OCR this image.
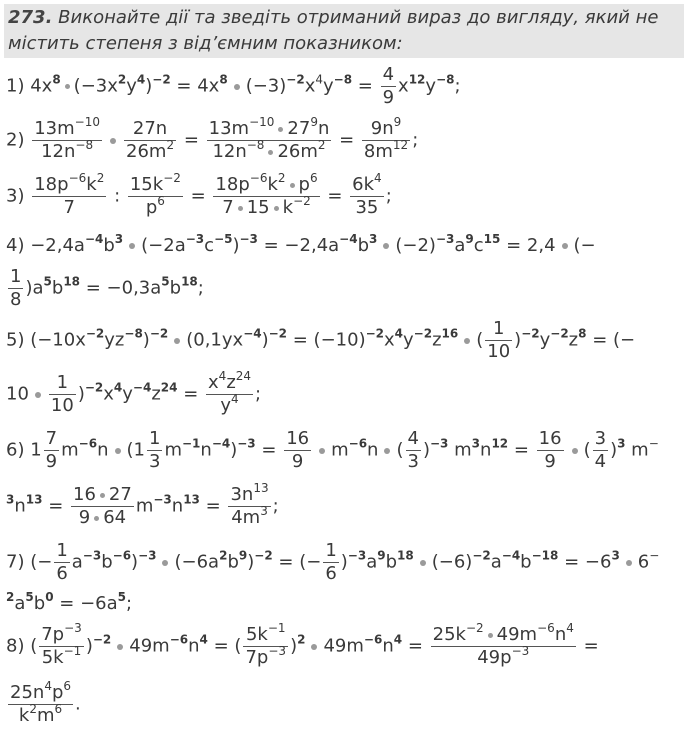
273. Виконайте дії та зведіть отриманий вираз до вигляду, який не
містить степеня з від’ємним показником:
1) $4x^8$ $(-3x^2y^4)^{-2} = 4x^8$ $(-3)^{-2}x^4y^{-8} = \frac{4}{9} x^{12}y^{-8}$;
$2) \frac{13m^{-10}}{12n^{-8}} \frac{27n}{26m^2} = \frac{13m^{-10} 27^9n}{12n^{-8} 26m^2} = \frac{9n^9}{8m^{12}}$ ;
$3) \frac{18p^{-6}k^2}{7}$ : $\frac{15k^{-2}}{p^6} = \frac{18p^{-6}k^2 p^6}{7 15 k^{-2}} = \frac{6k^4}{35}$ ;
$4) -2,4a^{-4}b^3$ $(-2a^{-3}c^{-5})^{-3} = -2,4a^{-4}b^3$ $(-2)^{-3}a^9c^{15} = 2,4$ (−
$\frac{1}{8} )a^5b^{18} = -0,3a^5b^{18}$;
5) $(-10x^{-2}yz^{-8})^{-2}$ $(0,1yx^{-4})^{-2} = (-10)^{-2}x^4y^{-2}z^{16}$ ( $\frac{1}{10} )^{-2}y^{-2}z^8$ = (−
$10 \frac{1}{10} )^{-2}x^4y^{-4}z^{24} = \frac{x^4z^{24}}{y^4}$ ;
6) $1 \frac{7}{9} m^{-6}n$ $(1 \frac{1}{3} m^{-1}n^{-4})^{-3} = \frac{16}{9} m^{-6}n$ ( $\frac{4}{3} )^{-3}$ $m^3n^{12} = \frac{16}{9}$ ( $\frac{3}{4} )^3$ m−
$^3n^{13} = \frac{16 27}{9 64} m^{-3}n^{13} = \frac{3n^{13}}{4m^3}$ ;
7) (− $\frac{1}{6} a^{-3}b^{-6})^{-3}$ $(-6a^2b^9)^{-2}$ = (− $\frac{1}{6} )^{-3}a^9b^{18}$ $(-6)^{-2}a^{-4}b^{-18} = -6^3$ 6−
$^2a^5b^0 = -6a^5$;
8) ( $\frac{7p^{-3}}{5k^{-1}} )^{-2}$ $49m^{-6}n^4$ = ( $\frac{5k^{-1}}{7p^{-3}} )^2$ $49m^{-6}n^4 = \frac{25k^{-2} 49m^{-6}n^4}{49p^{-3}}$ =
$\frac{25n^4p^6}{k^2m^6}$ .
